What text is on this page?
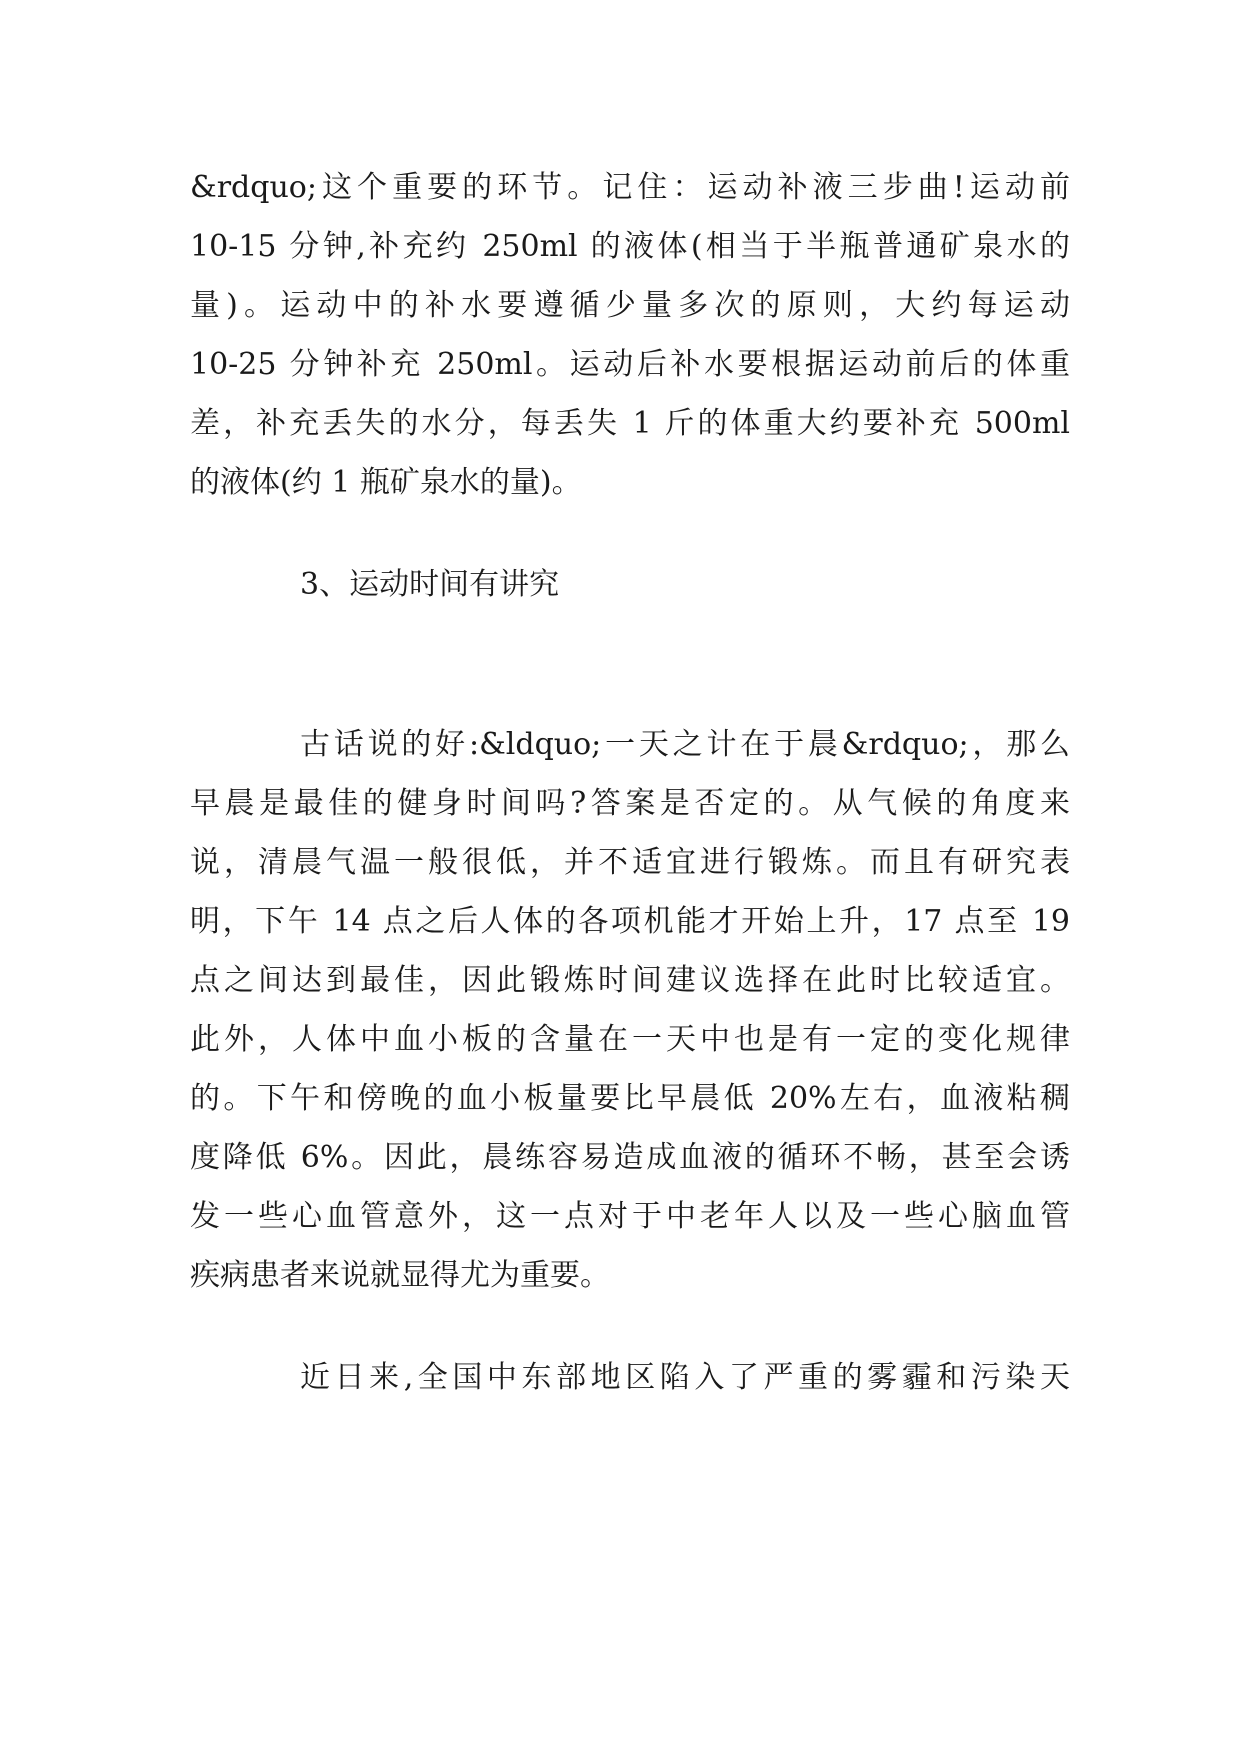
&rdquo;这个重要的环节。记住：运动补液三步曲!运动前
10-15 分钟,补充约 250ml 的液体(相当于半瓶普通矿泉水的
量)。运动中的补水要遵循少量多次的原则，大约每运动
10-25 分钟补充 250ml。运动后补水要根据运动前后的体重
差，补充丢失的水分，每丢失 1 斤的体重大约要补充 500ml
的液体(约 1 瓶矿泉水的量)。
3、运动时间有讲究
古话说的好:&ldquo;一天之计在于晨&rdquo;，那么
早晨是最佳的健身时间吗?答案是否定的。从气候的角度来
说，清晨气温一般很低，并不适宜进行锻炼。而且有研究表
明，下午 14 点之后人体的各项机能才开始上升，17 点至 19
点之间达到最佳，因此锻炼时间建议选择在此时比较适宜。
此外，人体中血小板的含量在一天中也是有一定的变化规律
的。下午和傍晚的血小板量要比早晨低 20%左右，血液粘稠
度降低 6%。因此，晨练容易造成血液的循环不畅，甚至会诱
发一些心血管意外，这一点对于中老年人以及一些心脑血管
疾病患者来说就显得尤为重要。
近日来,全国中东部地区陷入了严重的雾霾和污染天
